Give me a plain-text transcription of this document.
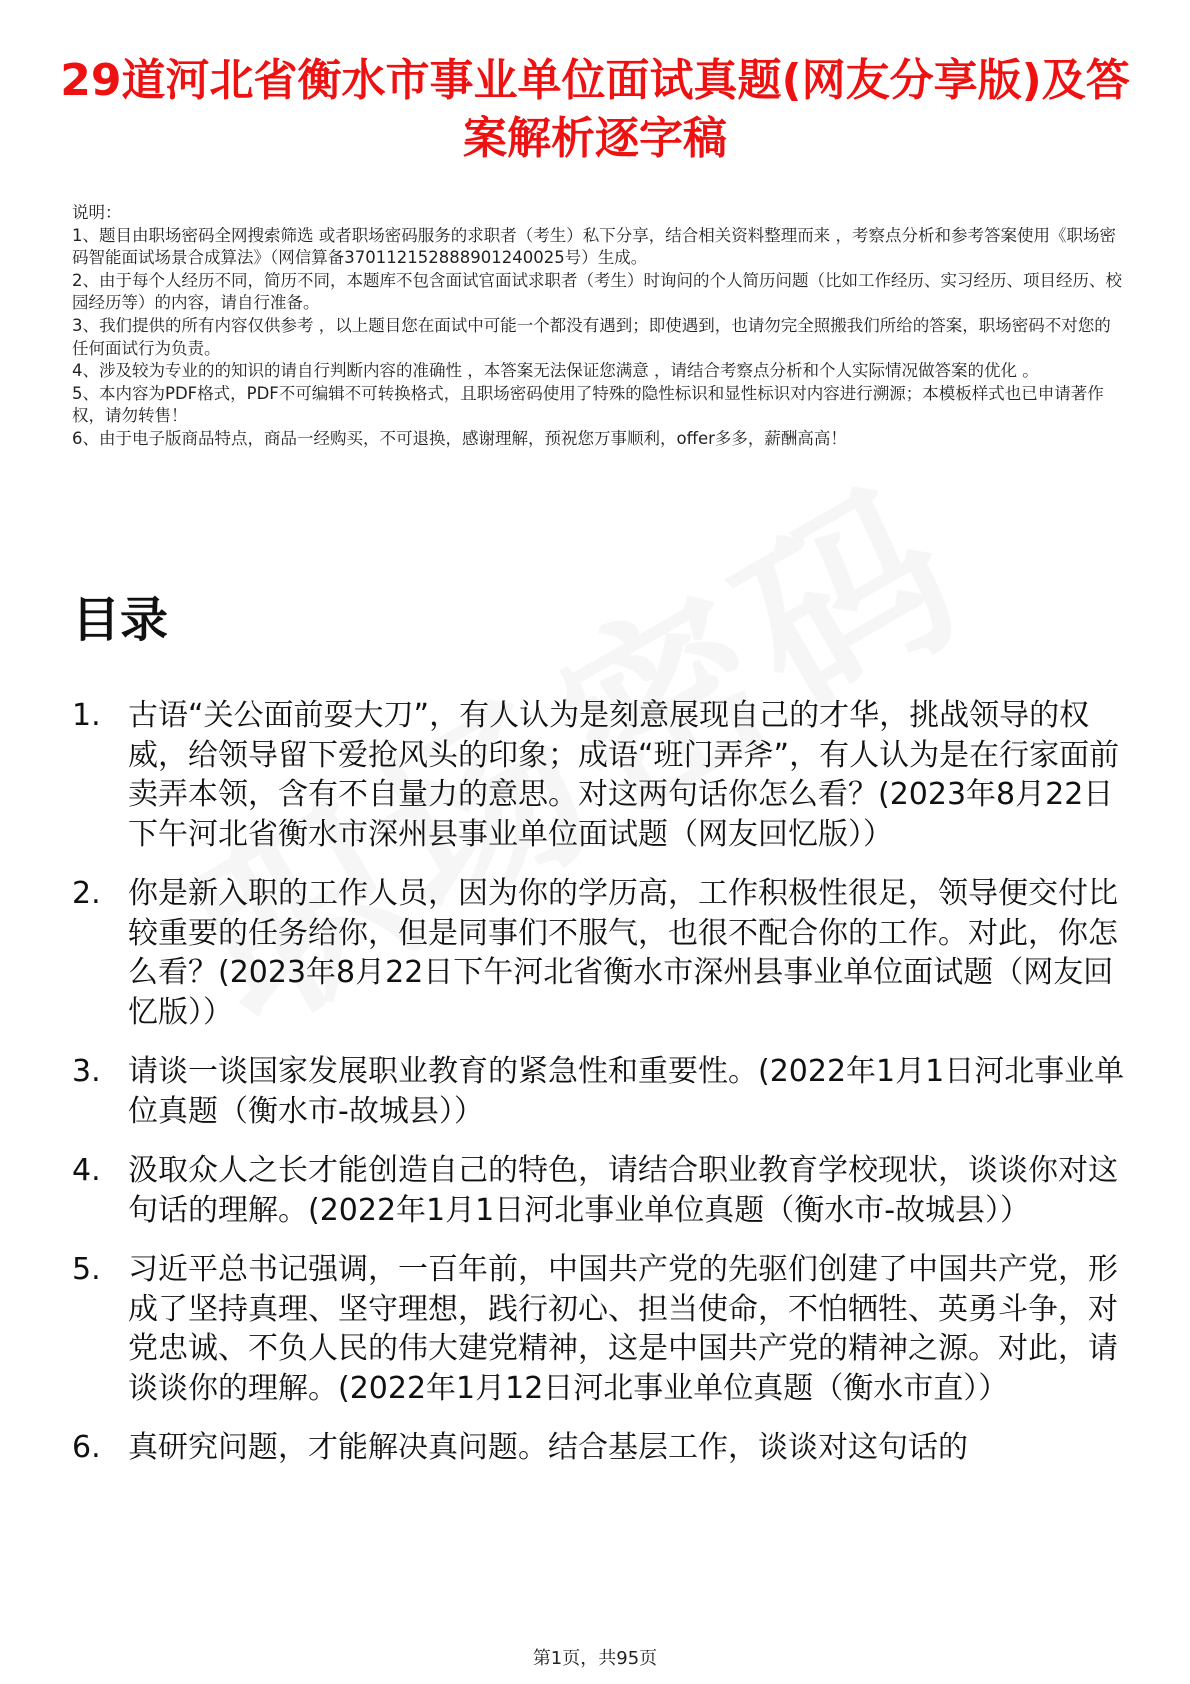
29道河北省衡水市事业单位面试真题(网友分享版)及答案解析逐字稿

说明：

1、题目由职场密码全网搜索筛选 或者职场密码服务的求职者（考生）私下分享，结合相关资料整理而来 ，考察点分析和参考答案使用《职场密码智能面试场景合成算法》（网信算备370112152888901240025号）生成。

2、由于每个人经历不同，简历不同，本题库不包含面试官面试求职者（考生）时询问的个人简历问题（比如工作经历、实习经历、项目经历、校园经历等）的内容，请自行准备。

3、我们提供的所有内容仅供参考 ，以上题目您在面试中可能一个都没有遇到；即使遇到，也请勿完全照搬我们所给的答案，职场密码不对您的任何面试行为负责。

4、涉及较为专业的的知识的请自行判断内容的准确性 ，本答案无法保证您满意 ，请结合考察点分析和个人实际情况做答案的优化 。

5、本内容为PDF格式，PDF不可编辑不可转换格式，且职场密码使用了特殊的隐性标识和显性标识对内容进行溯源；本模板样式也已申请著作权，请勿转售！

6、由于电子版商品特点，商品一经购买，不可退换，感谢理解，预祝您万事顺利，offer多多，薪酬高高！

目录
1. 古语“关公面前耍大刀”，有人认为是刻意展现自己的才华，挑战领导的权威，给领导留下爱抢风头的印象；成语“班门弄斧”，有人认为是在行家面前卖弄本领，含有不自量力的意思。对这两句话你怎么看？(2023年8月22日下午河北省衡水市深州县事业单位面试题（网友回忆版））
2. 你是新入职的工作人员，因为你的学历高，工作积极性很足，领导便交付比较重要的任务给你，但是同事们不服气，也很不配合你的工作。对此，你怎么看？(2023年8月22日下午河北省衡水市深州县事业单位面试题（网友回忆版））
3. 请谈一谈国家发展职业教育的紧急性和重要性。(2022年1月1日河北事业单位真题（衡水市-故城县））
4. 汲取众人之长才能创造自己的特色，请结合职业教育学校现状，谈谈你对这句话的理解。(2022年1月1日河北事业单位真题（衡水市-故城县））
5. 习近平总书记强调，一百年前，中国共产党的先驱们创建了中国共产党，形成了坚持真理、坚守理想，践行初心、担当使命，不怕牺牲、英勇斗争，对党忠诚、不负人民的伟大建党精神，这是中国共产党的精神之源。对此，请谈谈你的理解。(2022年1月12日河北事业单位真题（衡水市直））
6. 真研究问题，才能解决真问题。结合基层工作，谈谈对这句话的
第1页，共95页
